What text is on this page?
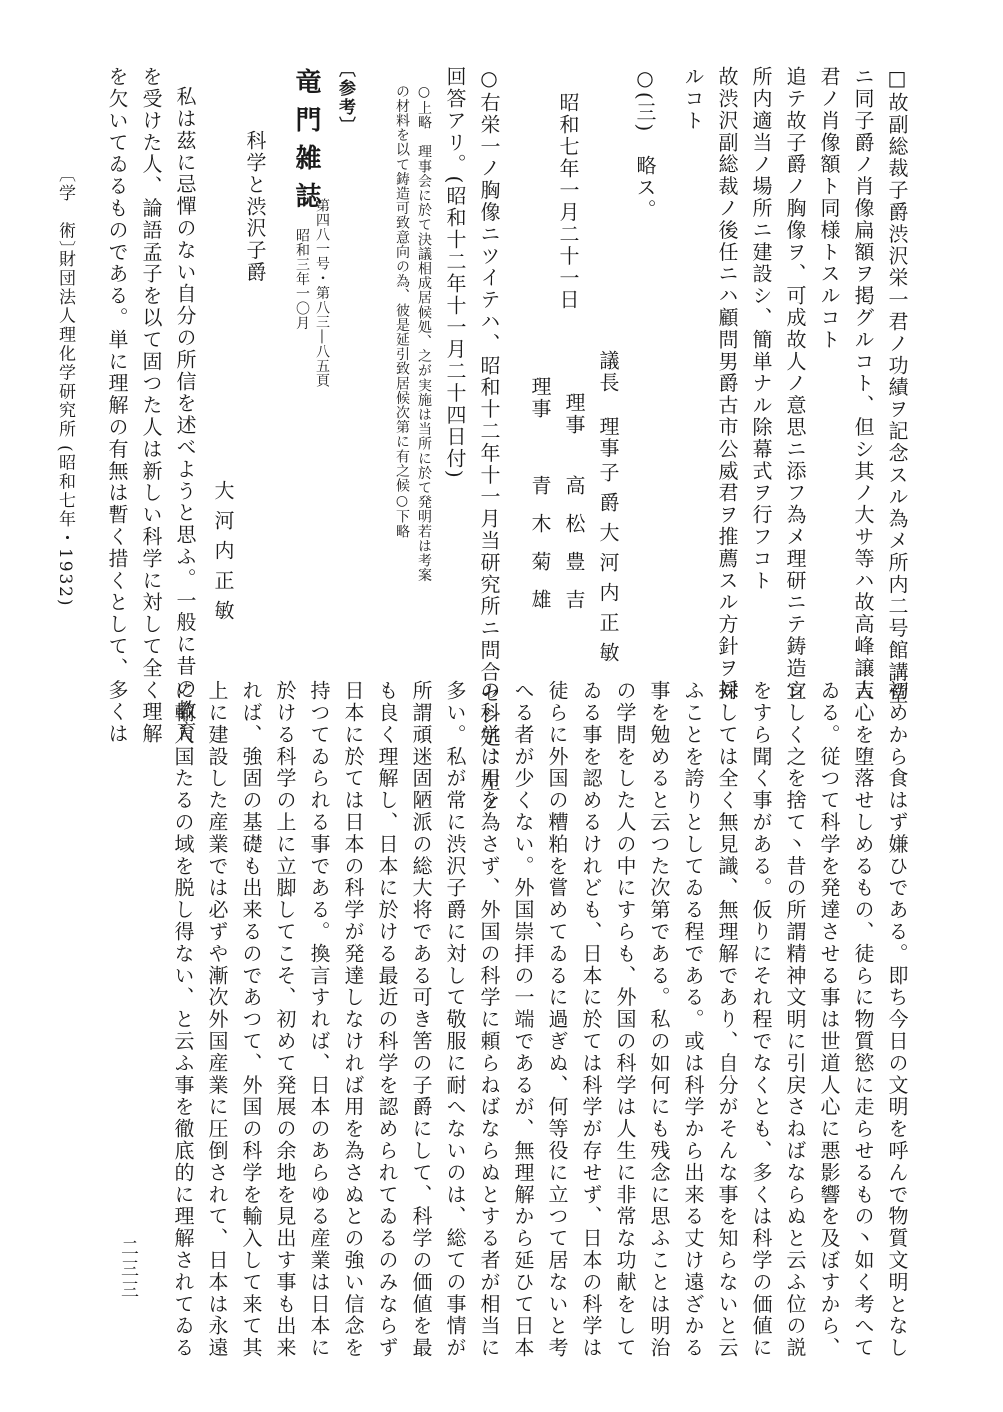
□故副総裁子爵渋沢栄一君ノ功績ヲ記念スル為メ所内二号館講堂
ニ同子爵ノ肖像扁額ヲ掲グルコト、但シ其ノ大サ等ハ故高峰譲吉
君ノ肖像額ト同様トスルコト
追テ故子爵ノ胸像ヲ、可成故人ノ意思ニ添フ為メ理研ニテ鋳造シ
所内適当ノ場所ニ建設シ、簡単ナル除幕式ヲ行フコト
故渋沢副総裁ノ後任ニハ顧問男爵古市公威君ヲ推薦スル方針ヲ採
ルコト
○(三)　略ス。
昭和七年一月二十一日
議長　理事
子爵大河内正敏
理事
高松豊吉
理事
青木菊雄
○右栄一ノ胸像ニツイテハ、昭和十二年十一月当研究所ニ問合セシ処、左ノ
回答アリ。(昭和十二年十一月二十四日付)
○上略　理事会に於て決議相成居候処、之が実施は当所に於て発明若は考案
の材料を以て鋳造可致意向の為、彼是延引致居候次第に有之候○下略
〔参考〕
竜門雑誌
第四八一号・第八三―八五頁
昭和三年一〇月
科学と渋沢子爵
大河内正敏
私は茲に忌憚のない自分の所信を述べようと思ふ。一般に昔の教育
を受けた人、論語孟子を以て固つた人は新しい科学に対して全く理解
を欠いてゐるものである。単に理解の有無は暫く措くとして、多くは
〔学　術〕
財団法人理化学研究所
(昭和七年・1932)
初めから食はず嫌ひである。即ち今日の文明を呼んで物質文明となし
人心を堕落せしめるもの、徒らに物質慾に走らせるもの丶如く考へて
ゐる。従つて科学を発達させる事は世道人心に悪影響を及ぼすから、
宜しく之を捨て丶昔の所謂精神文明に引戻さねばならぬと云ふ位の説
をすら聞く事がある。仮りにそれ程でなくとも、多くは科学の価値に
対しては全く無見識、無理解であり、自分がそんな事を知らないと云
ふことを誇りとしてゐる程である。或は科学から出来る丈け遠ざかる
事を勉めると云つた次第である。私の如何にも残念に思ふことは明治
の学問をした人の中にすらも、外国の科学は人生に非常な功献をして
ゐる事を認めるけれども、日本に於ては科学が存せず、日本の科学は
徒らに外国の糟粕を嘗めてゐるに過ぎぬ、何等役に立つて居ないと考
へる者が少くない。外国崇拝の一端であるが、無理解から延ひて日本
の科学は用を為さず、外国の科学に頼らねばならぬとする者が相当に
多い。私が常に渋沢子爵に対して敬服に耐へないのは、総ての事情が
所謂頑迷固陋派の総大将である可き筈の子爵にして、科学の価値を最
も良く理解し、日本に於ける最近の科学を認められてゐるのみならず
日本に於ては日本の科学が発達しなければ用を為さぬとの強い信念を
持つてゐられる事である。換言すれば、日本のあらゆる産業は日本に
於ける科学の上に立脚してこそ、初めて発展の余地を見出す事も出来
れば、強固の基礎も出来るのであつて、外国の科学を輸入して来て其
上に建設した産業では必ずや漸次外国産業に圧倒されて、日本は永遠
に輸入国たるの域を脱し得ない、と云ふ事を徹底的に理解されてゐる
二三三
